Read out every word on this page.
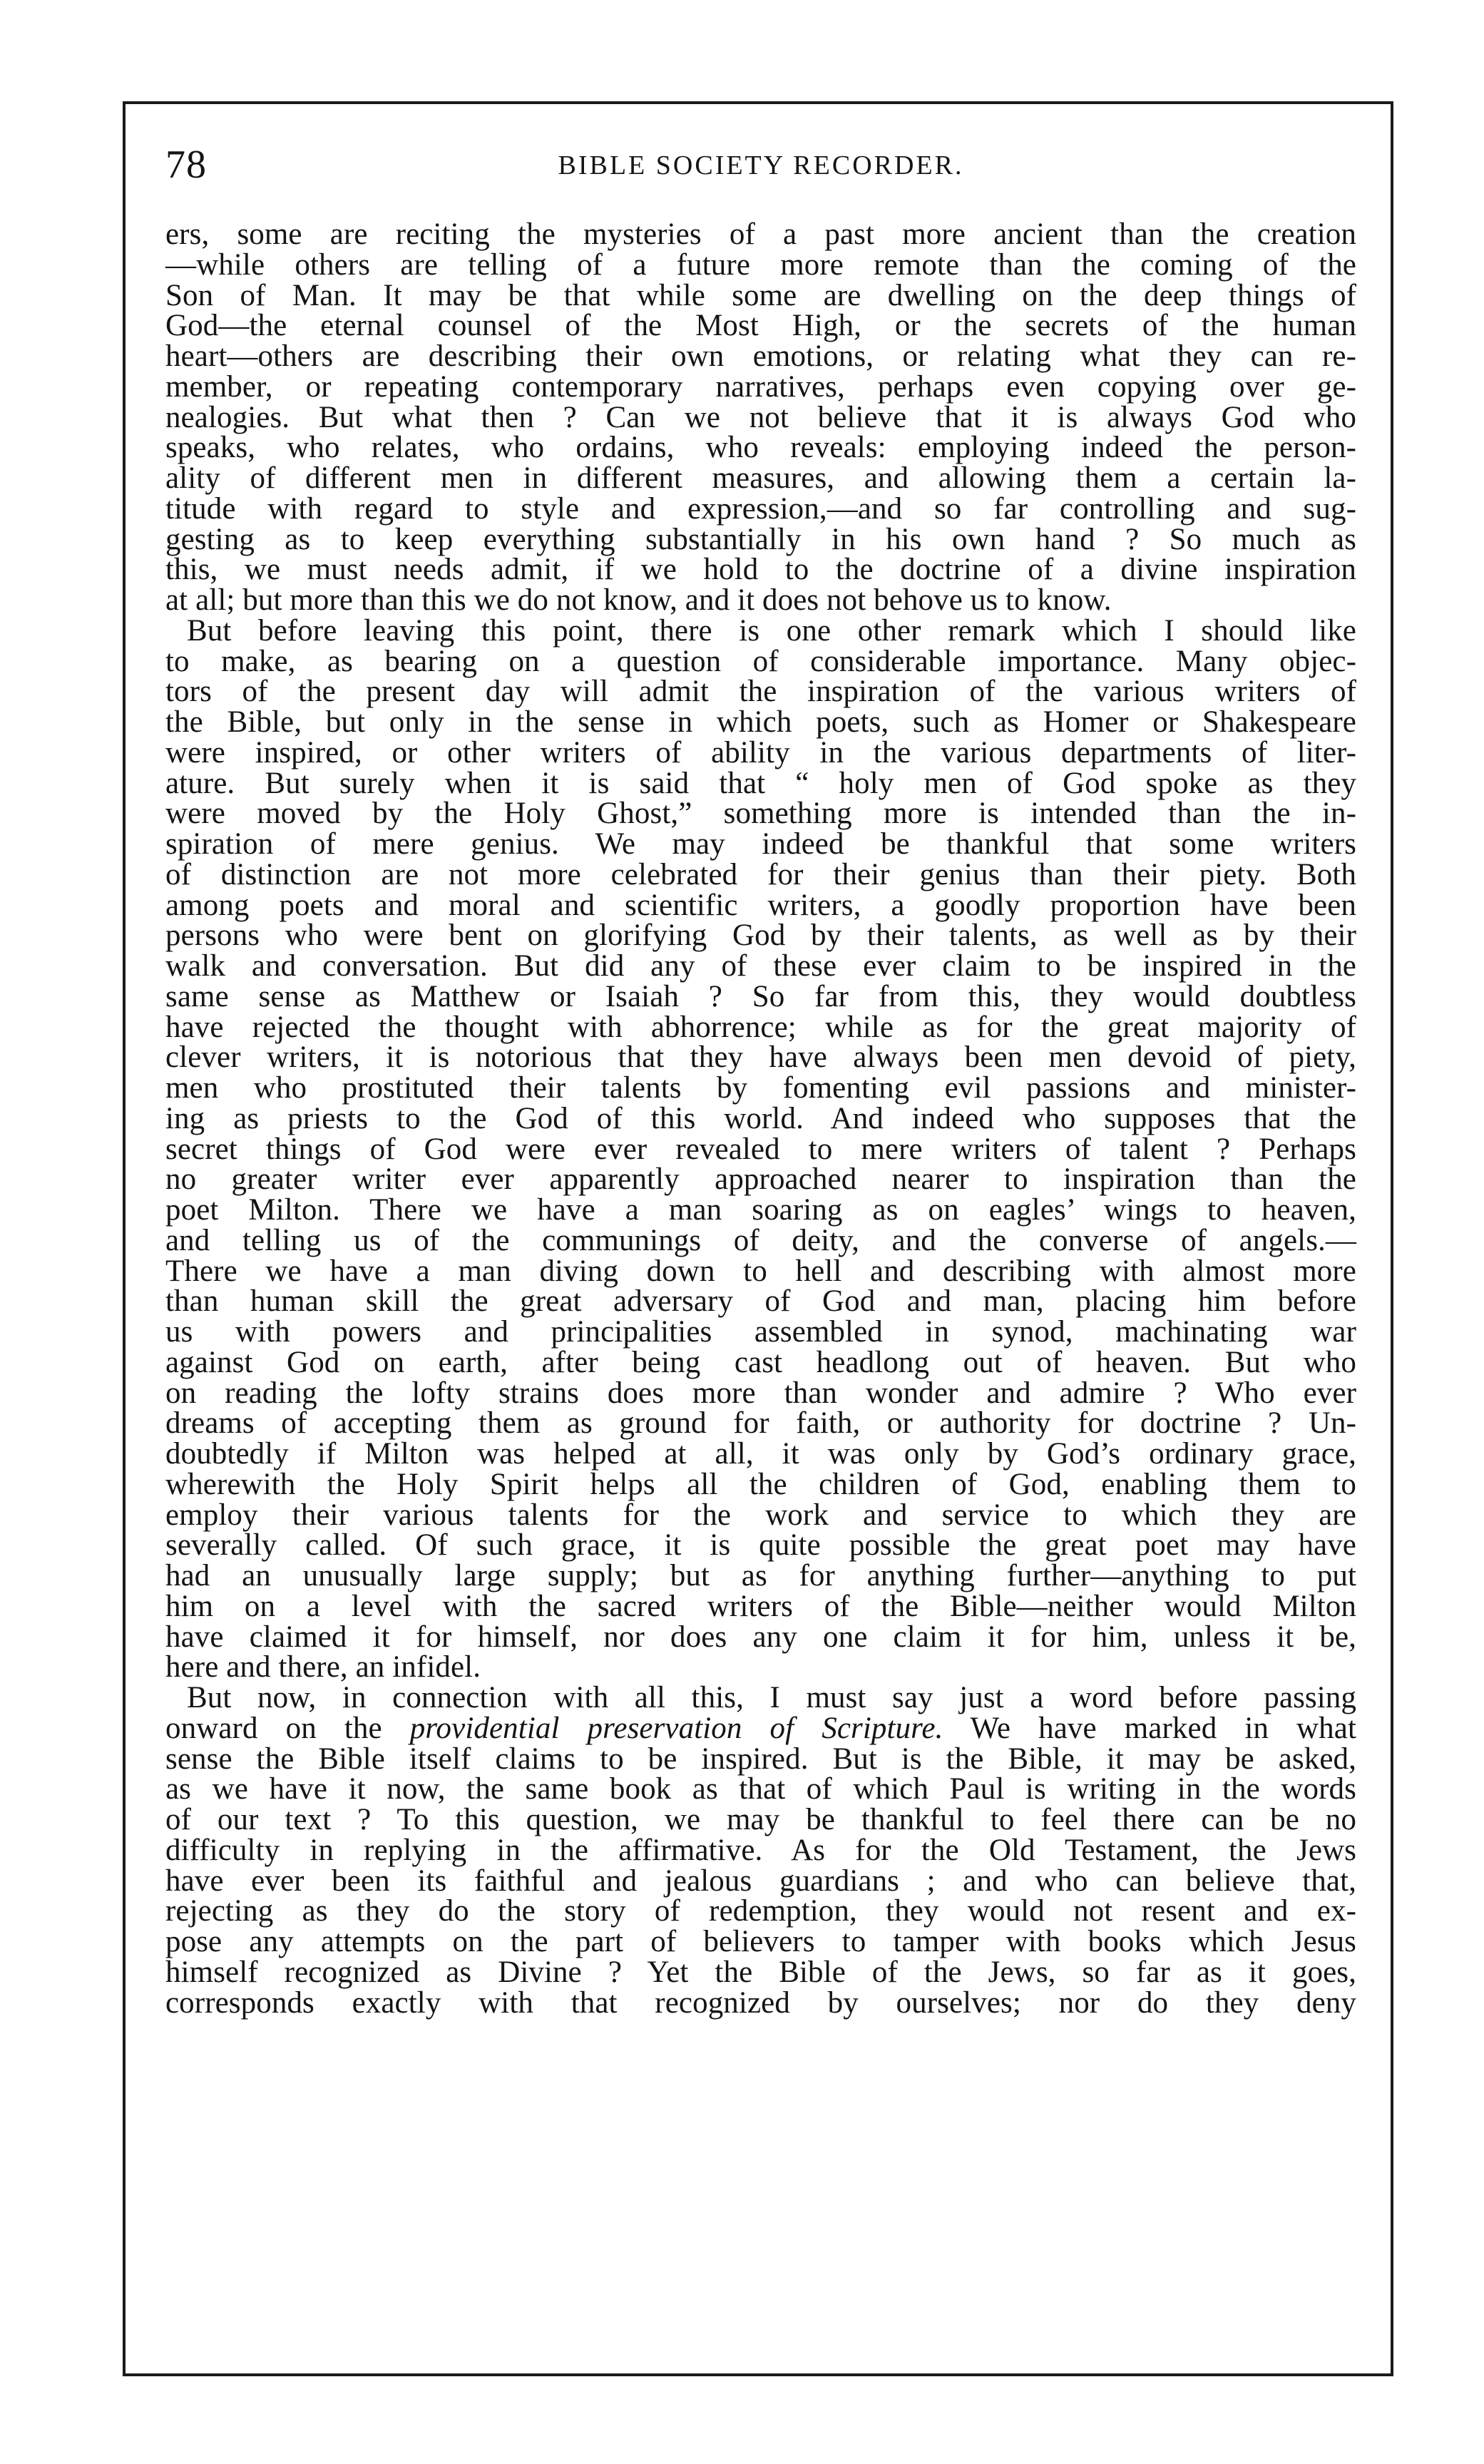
78	BIBLE SOCIETY RECORDER.
ers, some are reciting the mysteries of a past more ancient than the creation
—while others are telling of a future more remote than the coming of the
Son of Man. It may be that while some are dwelling on the deep things of
God—the eternal counsel of the Most High, or the secrets of the human
heart—others are describing their own emotions, or relating what they can re-
member, or repeating contemporary narratives, perhaps even copying over ge-
nealogies. But what then ? Can we not believe that it is always God who
speaks, who relates, who ordains, who reveals: employing indeed the person-
ality of different men in different measures, and allowing them a certain la-
titude with regard to style and expression,—and so far controlling and sug-
gesting as to keep everything substantially in his own hand ? So much as
this, we must needs admit, if we hold to the doctrine of a divine inspiration
at all; but more than this we do not know, and it does not behove us to know.
But before leaving this point, there is one other remark which I should like
to make, as bearing on a question of considerable importance. Many objec-
tors of the present day will admit the inspiration of the various writers of
the Bible, but only in the sense in which poets, such as Homer or Shakespeare
were inspired, or other writers of ability in the various departments of liter-
ature. But surely when it is said that “ holy men of God spoke as they
were moved by the Holy Ghost,” something more is intended than the in-
spiration of mere genius. We may indeed be thankful that some writers
of distinction are not more celebrated for their genius than their piety. Both
among poets and moral and scientific writers, a goodly proportion have been
persons who were bent on glorifying God by their talents, as well as by their
walk and conversation. But did any of these ever claim to be inspired in the
same sense as Matthew or Isaiah ? So far from this, they would doubtless
have rejected the thought with abhorrence; while as for the great majority of
clever writers, it is notorious that they have always been men devoid of piety,
men who prostituted their talents by fomenting evil passions and minister-
ing as priests to the God of this world. And indeed who supposes that the
secret things of God were ever revealed to mere writers of talent ? Perhaps
no greater writer ever apparently approached nearer to inspiration than the
poet Milton. There we have a man soaring as on eagles’ wings to heaven,
and telling us of the communings of deity, and the converse of angels.—
There we have a man diving down to hell and describing with almost more
than human skill the great adversary of God and man, placing him before
us with powers and principalities assembled in synod, machinating war
against God on earth, after being cast headlong out of heaven. But who
on reading the lofty strains does more than wonder and admire ? Who ever
dreams of accepting them as ground for faith, or authority for doctrine ? Un-
doubtedly if Milton was helped at all, it was only by God’s ordinary grace,
wherewith the Holy Spirit helps all the children of God, enabling them to
employ their various talents for the work and service to which they are
severally called. Of such grace, it is quite possible the great poet may have
had an unusually large supply; but as for anything further—anything to put
him on a level with the sacred writers of the Bible—neither would Milton
have claimed it for himself, nor does any one claim it for him, unless it be,
here and there, an infidel.
But now, in connection with all this, I must say just a word before passing
onward on the providential preservation of Scripture. We have marked in what
sense the Bible itself claims to be inspired. But is the Bible, it may be asked,
as we have it now, the same book as that of which Paul is writing in the words
of our text ? To this question, we may be thankful to feel there can be no
difficulty in replying in the affirmative. As for the Old Testament, the Jews
have ever been its faithful and jealous guardians ; and who can believe that,
rejecting as they do the story of redemption, they would not resent and ex-
pose any attempts on the part of believers to tamper with books which Jesus
himself recognized as Divine ? Yet the Bible of the Jews, so far as it goes,
corresponds exactly with that recognized by ourselves; nor do they deny
